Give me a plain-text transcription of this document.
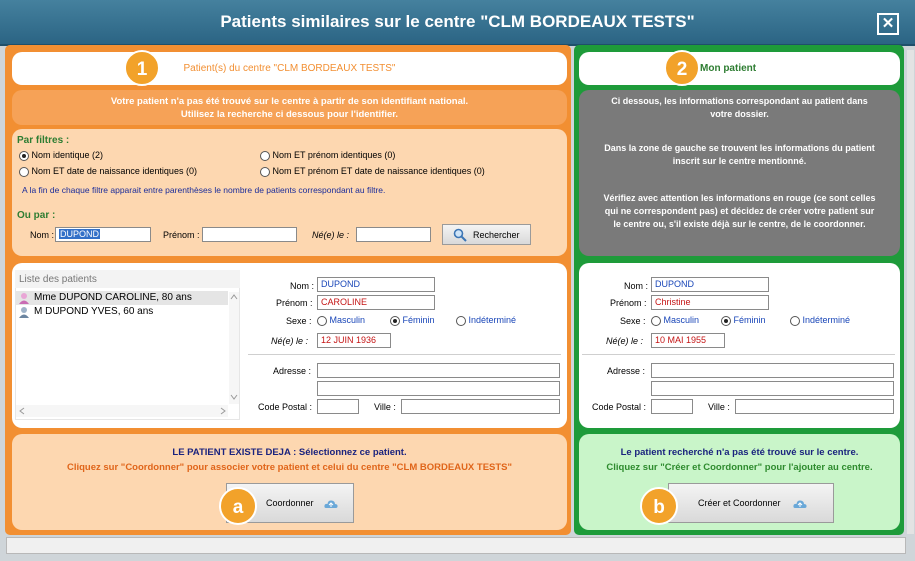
Patients similaires sur le centre "CLM BORDEAUX TESTS"	✕
Patient(s) du centre "CLM BORDEAUX TESTS"
1
Votre patient n'a pas été trouvé sur le centre à partir de son identifiant national.
Utilisez la recherche ci dessous pour l'identifier.
Par filtres :
Nom identique (2)	Nom ET prénom identiques (0)
Nom ET date de naissance identiques (0)	Nom ET prénom ET date de naissance identiques (0)
A la fin de chaque filtre apparait entre parenthèses le nombre de patients correspondant au filtre.
Ou par :
Nom : DUPOND	Prénom :	Né(e) le :	Rechercher
Liste des patients
Mme DUPOND CAROLINE, 80 ans
M DUPOND YVES, 60 ans
Nom : DUPOND
Prénom : CAROLINE
Sexe :	Masculin	Féminin	Indéterminé
Né(e) le :	12 JUIN 1936
Adresse :
Code Postal :	Ville :
LE PATIENT EXISTE DEJA : Sélectionnez ce patient.
Cliquez sur "Coordonner" pour associer votre patient et celui du centre "CLM BORDEAUX TESTS"
Coordonner
a
Mon patient
2
Ci dessous, les informations correspondant au patient dans
votre dossier.
Dans la zone de gauche se trouvent les informations du patient
inscrit sur le centre mentionné.
Vérifiez avec attention les informations en rouge (ce sont celles
qui ne correspondent pas) et décidez de créer votre patient sur
le centre ou, s'il existe déjà sur le centre, de le coordonner.
Nom : DUPOND
Prénom : Christine
Sexe :	Masculin	Féminin	Indéterminé
Né(e) le :	10 MAI 1955
Adresse :
Code Postal :	Ville :
Le patient recherché n'a pas été trouvé sur le centre.
Cliquez sur "Créer et Coordonner" pour l'ajouter au centre.
Créer et Coordonner
b
